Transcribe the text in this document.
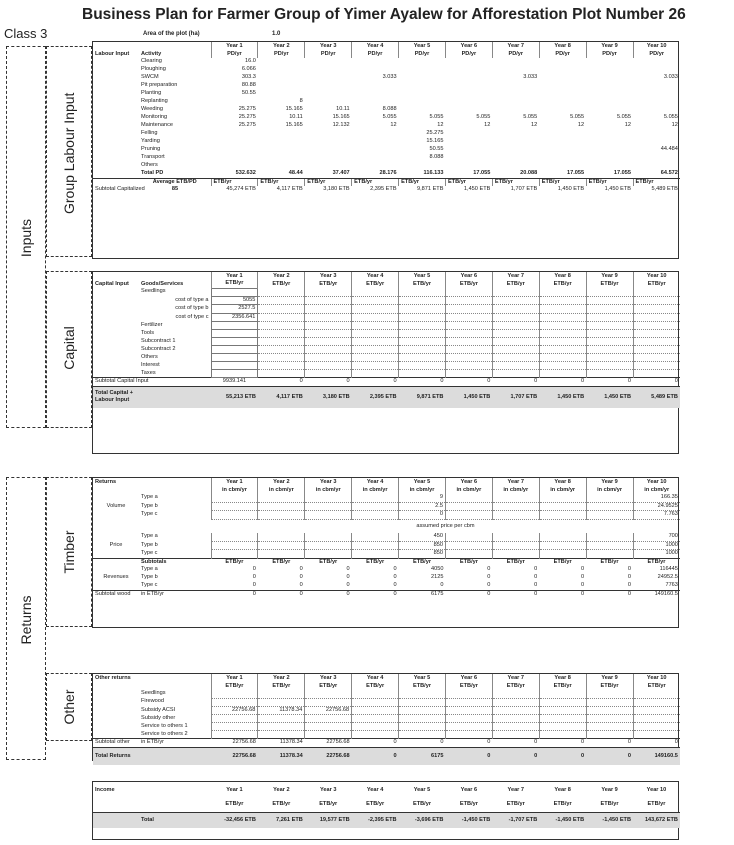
Business Plan for Farmer Group of Yimer Ayalew for Afforestation Plot Number 26
Class 3	Area of the plot (ha)	1.0
Inputs
Group Labour Input
Capital
Returns
Timber
Other
		Year 1	Year 2	Year 3	Year 4	Year 5	Year 6	Year 7	Year 8	Year 9	Year 10
Labour Input	Activity	PD/yr	PD/yr	PD/yr	PD/yr	PD/yr	PD/yr	PD/yr	PD/yr	PD/yr	PD/yr
	Clearing	16.0									
	Ploughing	6.066									
	SWCM	303.3			3.033			3.033			3.033
	Pit preparation	80.88									
	Planting	50.55									
	Replanting		8								
	Weeding	25.275	15.165	10.11	8.088						
	Monitoring	25.275	10.11	15.165	5.055	5.055	5.055	5.055	5.055	5.055	5.055
	Maintenance	25.275	15.165	12.132	12	12	12	12	12	12	12
	Felling					25.275					
	Yarding					15.165					
	Pruning					50.55					44.484
	Transport					8.088					
	Others										
	Total PD	532.632	48.44	37.407	28.176	116.133	17.055	20.088	17.055	17.055	64.572
	Average ETB/PD	ETB/yr	ETB/yr	ETB/yr	ETB/yr	ETB/yr	ETB/yr	ETB/yr	ETB/yr	ETB/yr	ETB/yr
Subtotal Capitalized	85	45,274 ETB	4,117 ETB	3,180 ETB	2,395 ETB	9,871 ETB	1,450 ETB	1,707 ETB	1,450 ETB	1,450 ETB	5,489 ETB
		Year 1	Year 2	Year 3	Year 4	Year 5	Year 6	Year 7	Year 8	Year 9	Year 10
Capital Input	Goods/Services	ETB/yr	ETB/yr	ETB/yr	ETB/yr	ETB/yr	ETB/yr	ETB/yr	ETB/yr	ETB/yr	ETB/yr
	Seedlings										
	cost of type a	5055									
	cost of type b	2527.5									
	cost of type c	2356.641									
	Fertilizer										
	Tools										
	Subcontract 1										
	Subcontract 2										
	Others										
	Interest										
	Taxes										
Subtotal Capital Input		9939.141	0	0	0	0	0	0	0	0	0
Total Capital + Labour Input		55,213 ETB	4,117 ETB	3,180 ETB	2,395 ETB	9,871 ETB	1,450 ETB	1,707 ETB	1,450 ETB	1,450 ETB	5,489 ETB
Returns		Year 1	Year 2	Year 3	Year 4	Year 5	Year 6	Year 7	Year 8	Year 9	Year 10
		in cbm/yr	in cbm/yr	in cbm/yr	in cbm/yr	in cbm/yr	in cbm/yr	in cbm/yr	in cbm/yr	in cbm/yr	in cbm/yr
	Type a					9					166.35
Volume	Type b					2.5					24.9525
	Type c					0					7.763
		assumed price per cbm									
	Type a					450					700
Price	Type b					850					1000
	Type c					850					1000
	Subtotals	ETB/yr	ETB/yr	ETB/yr	ETB/yr	ETB/yr	ETB/yr	ETB/yr	ETB/yr	ETB/yr	ETB/yr
	Type a	0	0	0	0	4050	0	0	0	0	116445
Revenues	Type b	0	0	0	0	2125	0	0	0	0	24952.5
	Type c	0	0	0	0	0	0	0	0	0	7763
Subtotal wood	in ETB/yr	0	0	0	0	6175	0	0	0	0	149160.5
Other returns		Year 1	Year 2	Year 3	Year 4	Year 5	Year 6	Year 7	Year 8	Year 9	Year 10
		ETB/yr	ETB/yr	ETB/yr	ETB/yr	ETB/yr	ETB/yr	ETB/yr	ETB/yr	ETB/yr	ETB/yr
	Seedlings										
	Firewood										
	Subsidy ACSI	22756.68	11378.34	22756.68							
	Subsidy other										
	Service to others 1										
	Service to others 2										
Subtotal other	in ETB/yr	22756.68	11378.34	22756.68	0	0	0	0	0	0	0
Total Returns		22756.68	11378.34	22756.68	0	6175	0	0	0	0	149160.5
Income		Year 1	Year 2	Year 3	Year 4	Year 5	Year 6	Year 7	Year 8	Year 9	Year 10
		ETB/yr	ETB/yr	ETB/yr	ETB/yr	ETB/yr	ETB/yr	ETB/yr	ETB/yr	ETB/yr	ETB/yr
	Total	-32,456 ETB	7,261 ETB	19,577 ETB	-2,395 ETB	-3,696 ETB	-1,450 ETB	-1,707 ETB	-1,450 ETB	-1,450 ETB	143,672 ETB
